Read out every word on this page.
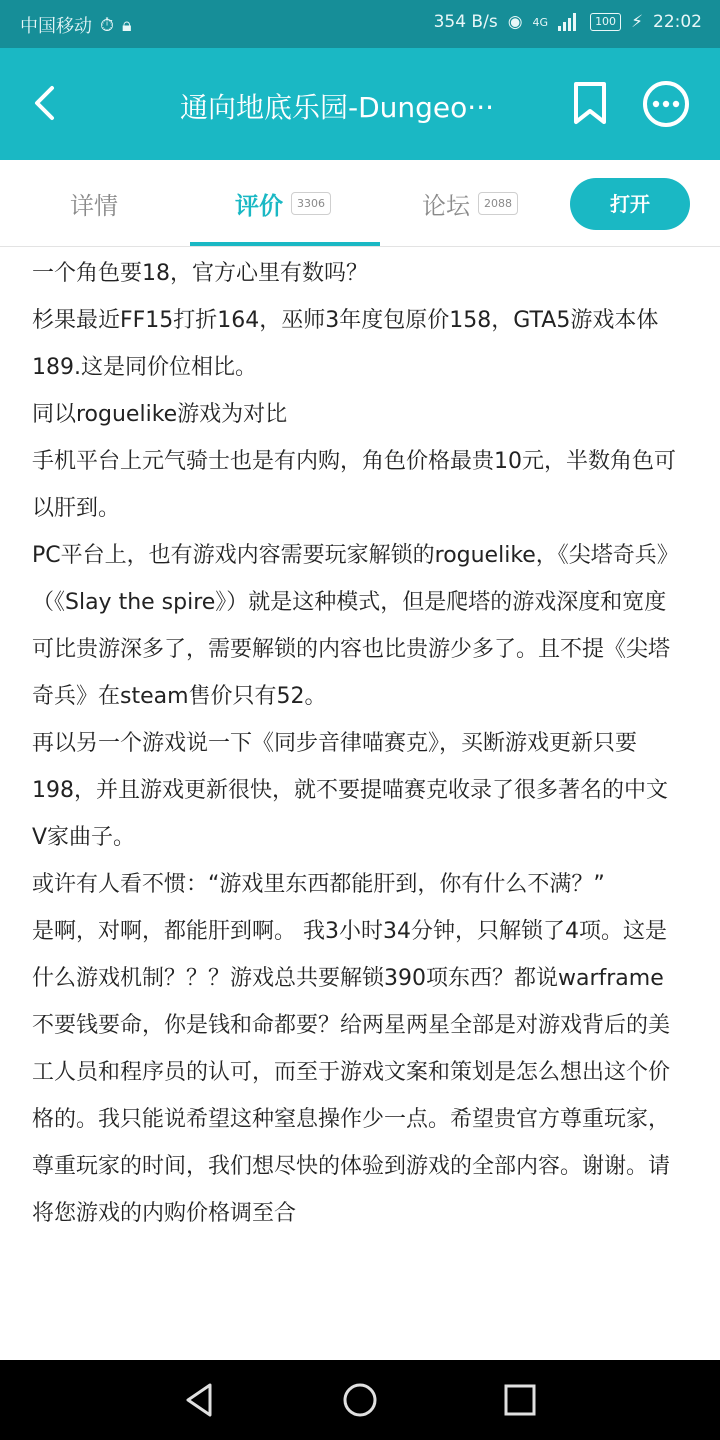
中国移动 ⏱ 🔒︎	354 B/s ◉ 4G	100 ⚡ 22:02
通向地底乐园-Dungeo···
详情	评价	3306	论坛	2088	打开

一个角色要18，官方心里有数吗？

杉果最近FF15打折164，巫师3年度包原价158，GTA5游戏本体189.这是同价位相比。

同以roguelike游戏为对比

手机平台上元气骑士也是有内购，角色价格最贵10元，半数角色可以肝到。

PC平台上，也有游戏内容需要玩家解锁的roguelike，《尖塔奇兵》（《Slay the spire》）就是这种模式，但是爬塔的游戏深度和宽度可比贵游深多了，需要解锁的内容也比贵游少多了。且不提《尖塔奇兵》在steam售价只有52。

再以另一个游戏说一下《同步音律喵赛克》，买断游戏更新只要198，并且游戏更新很快，就不要提喵赛克收录了很多著名的中文V家曲子。

或许有人看不惯：“游戏里东西都能肝到，你有什么不满？”

是啊，对啊，都能肝到啊。 我3小时34分钟，只解锁了4项。这是什么游戏机制？？？游戏总共要解锁390项东西？都说warframe不要钱要命，你是钱和命都要？给两星两星全部是对游戏背后的美工人员和程序员的认可，而至于游戏文案和策划是怎么想出这个价格的。我只能说希望这种窒息操作少一点。希望贵官方尊重玩家，尊重玩家的时间，我们想尽快的体验到游戏的全部内容。谢谢。请将您游戏的内购价格调至合
